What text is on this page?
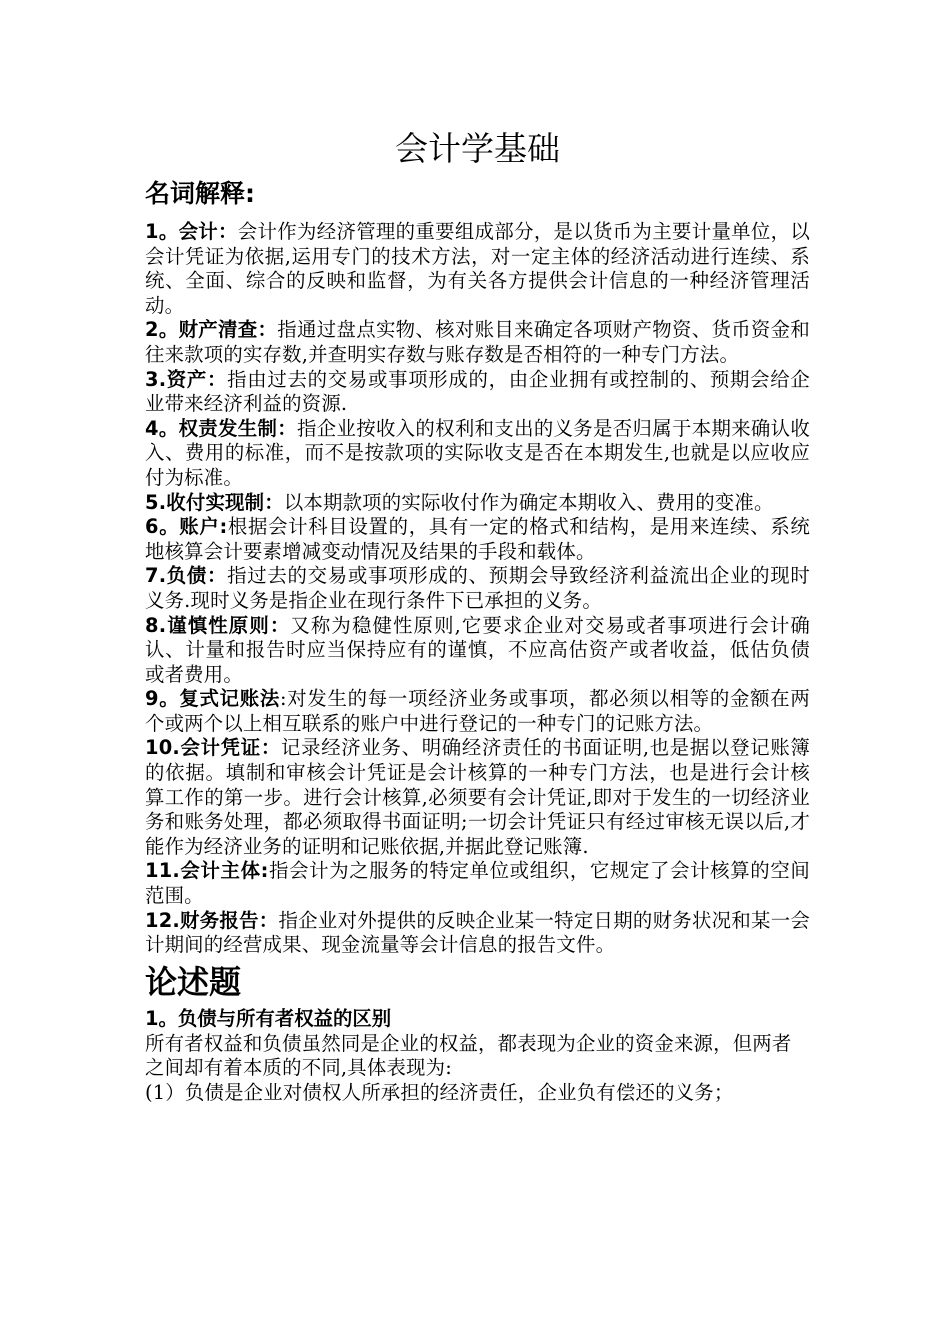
会计学基础
名词解释:

1。会计：会计作为经济管理的重要组成部分，是以货币为主要计量单位，以会计凭证为依据,运用专门的技术方法，对一定主体的经济活动进行连续、系统、全面、综合的反映和监督，为有关各方提供会计信息的一种经济管理活动。

2。财产清查：指通过盘点实物、核对账目来确定各项财产物资、货币资金和往来款项的实存数,并查明实存数与账存数是否相符的一种专门方法。

3.资产：指由过去的交易或事项形成的，由企业拥有或控制的、预期会给企业带来经济利益的资源.

4。权责发生制：指企业按收入的权利和支出的义务是否归属于本期来确认收入、费用的标准，而不是按款项的实际收支是否在本期发生,也就是以应收应付为标准。

5.收付实现制：以本期款项的实际收付作为确定本期收入、费用的变准。

6。账户:根据会计科目设置的，具有一定的格式和结构，是用来连续、系统地核算会计要素增减变动情况及结果的手段和载体。

7.负债：指过去的交易或事项形成的、预期会导致经济利益流出企业的现时义务.现时义务是指企业在现行条件下已承担的义务。

8.谨慎性原则：又称为稳健性原则,它要求企业对交易或者事项进行会计确认、计量和报告时应当保持应有的谨慎，不应高估资产或者收益，低估负债或者费用。

9。复式记账法:对发生的每一项经济业务或事项，都必须以相等的金额在两个或两个以上相互联系的账户中进行登记的一种专门的记账方法。

10.会计凭证：记录经济业务、明确经济责任的书面证明,也是据以登记账簿的依据。填制和审核会计凭证是会计核算的一种专门方法，也是进行会计核算工作的第一步。进行会计核算,必须要有会计凭证,即对于发生的一切经济业务和账务处理，都必须取得书面证明;一切会计凭证只有经过审核无误以后,才能作为经济业务的证明和记账依据,并据此登记账簿.

11.会计主体:指会计为之服务的特定单位或组织，它规定了会计核算的空间范围。

12.财务报告：指企业对外提供的反映企业某一特定日期的财务状况和某一会计期间的经营成果、现金流量等会计信息的报告文件。

论述题

1。负债与所有者权益的区别

所有者权益和负债虽然同是企业的权益，都表现为企业的资金来源，但两者之间却有着本质的不同,具体表现为:

(1）负债是企业对债权人所承担的经济责任，企业负有偿还的义务；
